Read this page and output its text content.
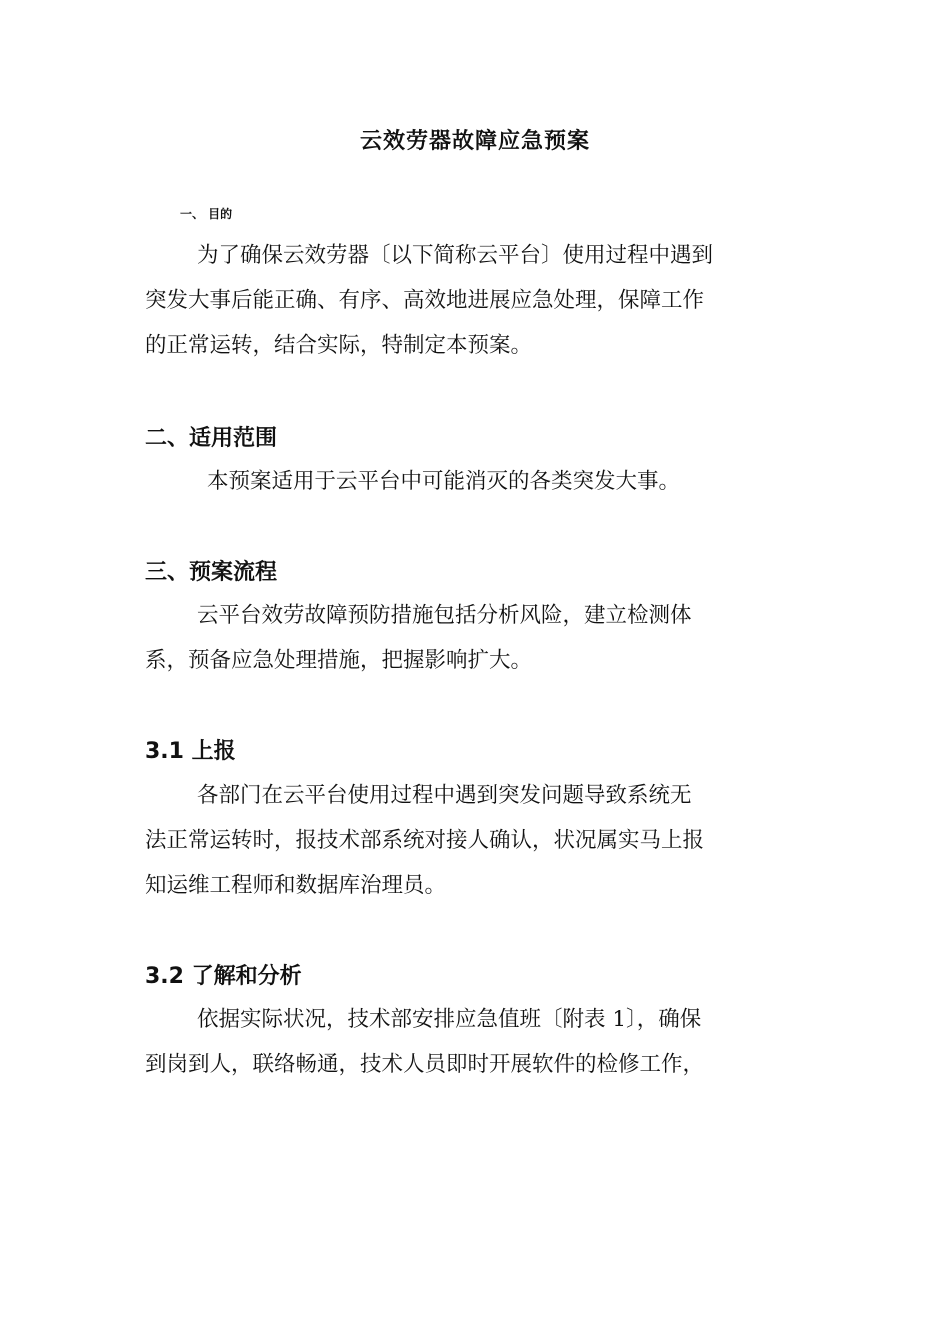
云效劳器故障应急预案
一、 目的
为了确保云效劳器〔以下简称云平台〕使用过程中遇到
突发大事后能正确、有序、高效地进展应急处理，保障工作
的正常运转，结合实际，特制定本预案。
二、适用范围
本预案适用于云平台中可能消灭的各类突发大事。
三、预案流程
云平台效劳故障预防措施包括分析风险，建立检测体
系，预备应急处理措施，把握影响扩大。
3.1 上报
各部门在云平台使用过程中遇到突发问题导致系统无
法正常运转时，报技术部系统对接人确认，状况属实马上报
知运维工程师和数据库治理员。
3.2 了解和分析
依据实际状况，技术部安排应急值班〔附表 1〕，确保
到岗到人，联络畅通，技术人员即时开展软件的检修工作，
